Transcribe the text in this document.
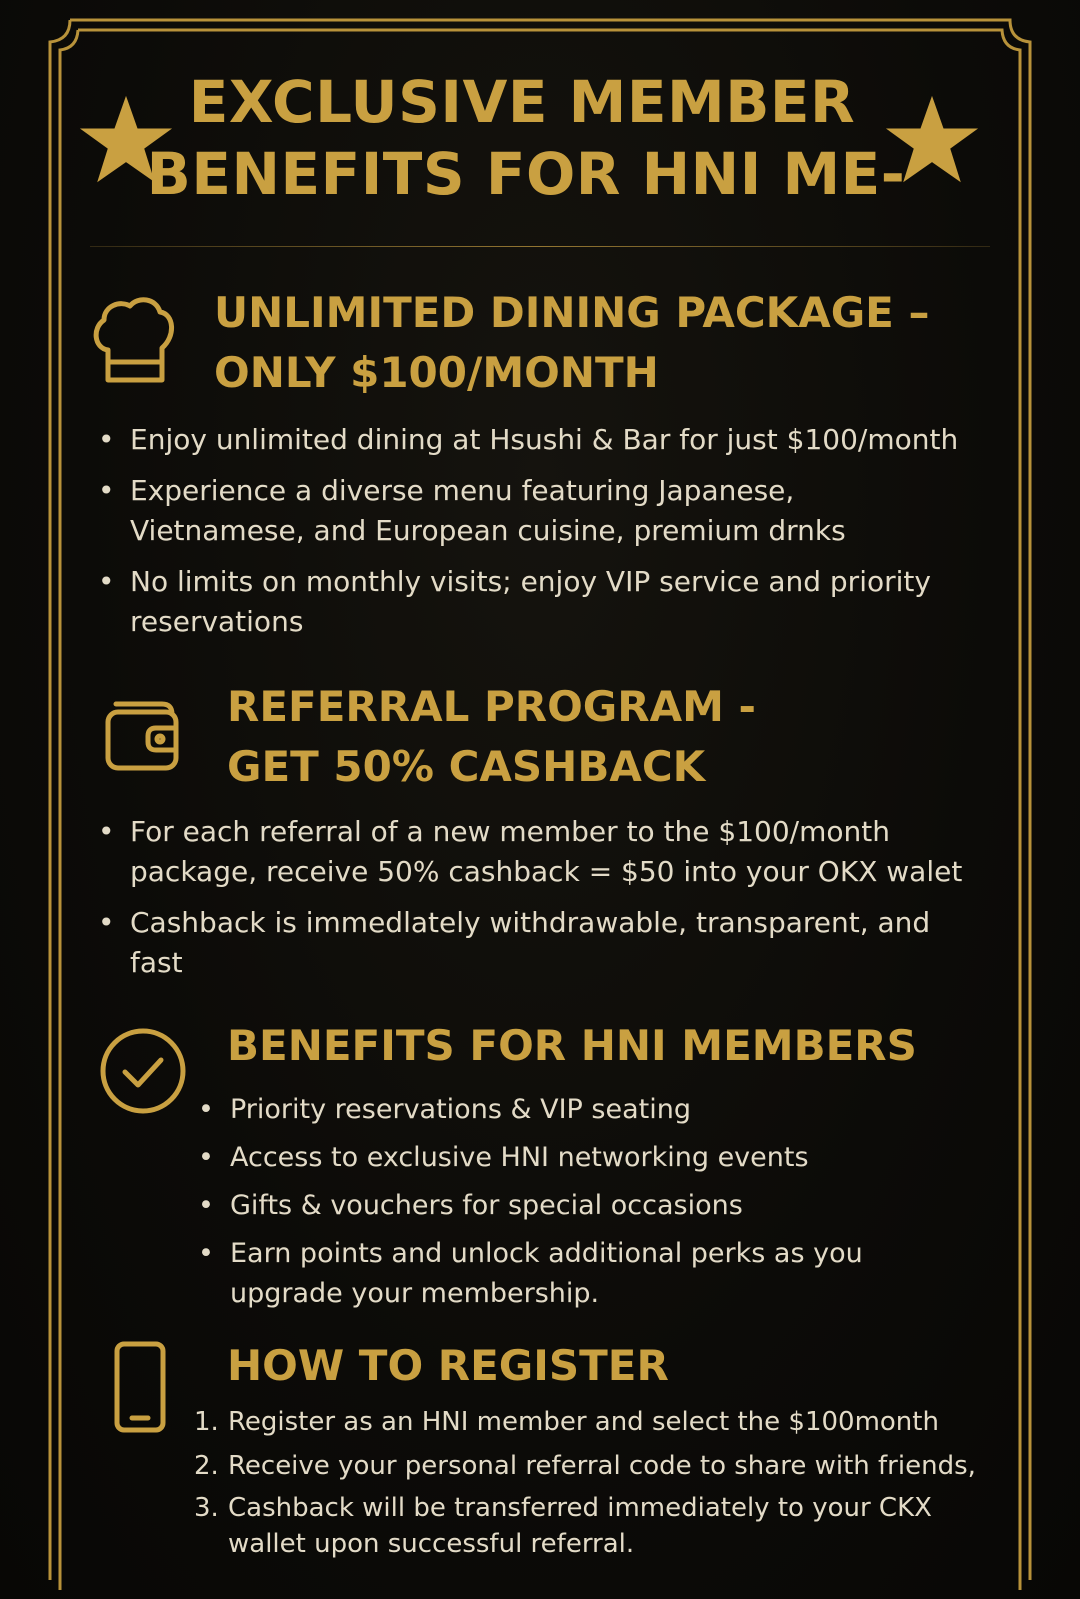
EXCLUSIVE MEMBER
BENEFITS FOR HNI ME-
UNLIMITED DINING PACKAGE –
ONLY $100/MONTH
• Enjoy unlimited dining at Hsushi & Bar for just $100/month
• Experience a diverse menu featuring Japanese,
Vietnamese, and European cuisine, premium drnks
• No limits on monthly visits; enjoy VIP service and priority
reservations
REFERRAL PROGRAM -
GET 50% CASHBACK
• For each referral of a new member to the $100/month
package, receive 50% cashback = $50 into your OKX walet
• Cashback is immedlately withdrawable, transparent, and
fast
BENEFITS FOR HNI MEMBERS
• Priority reservations & VIP seating
• Access to exclusive HNI networking events
• Gifts & vouchers for special occasions
• Earn points and unlock additional perks as you
upgrade your membership.
HOW TO REGISTER
1. Register as an HNI member and select the $100month
2. Receive your personal referral code to share with friends,
3. Cashback will be transferred immediately to your CKX
wallet upon successful referral.
